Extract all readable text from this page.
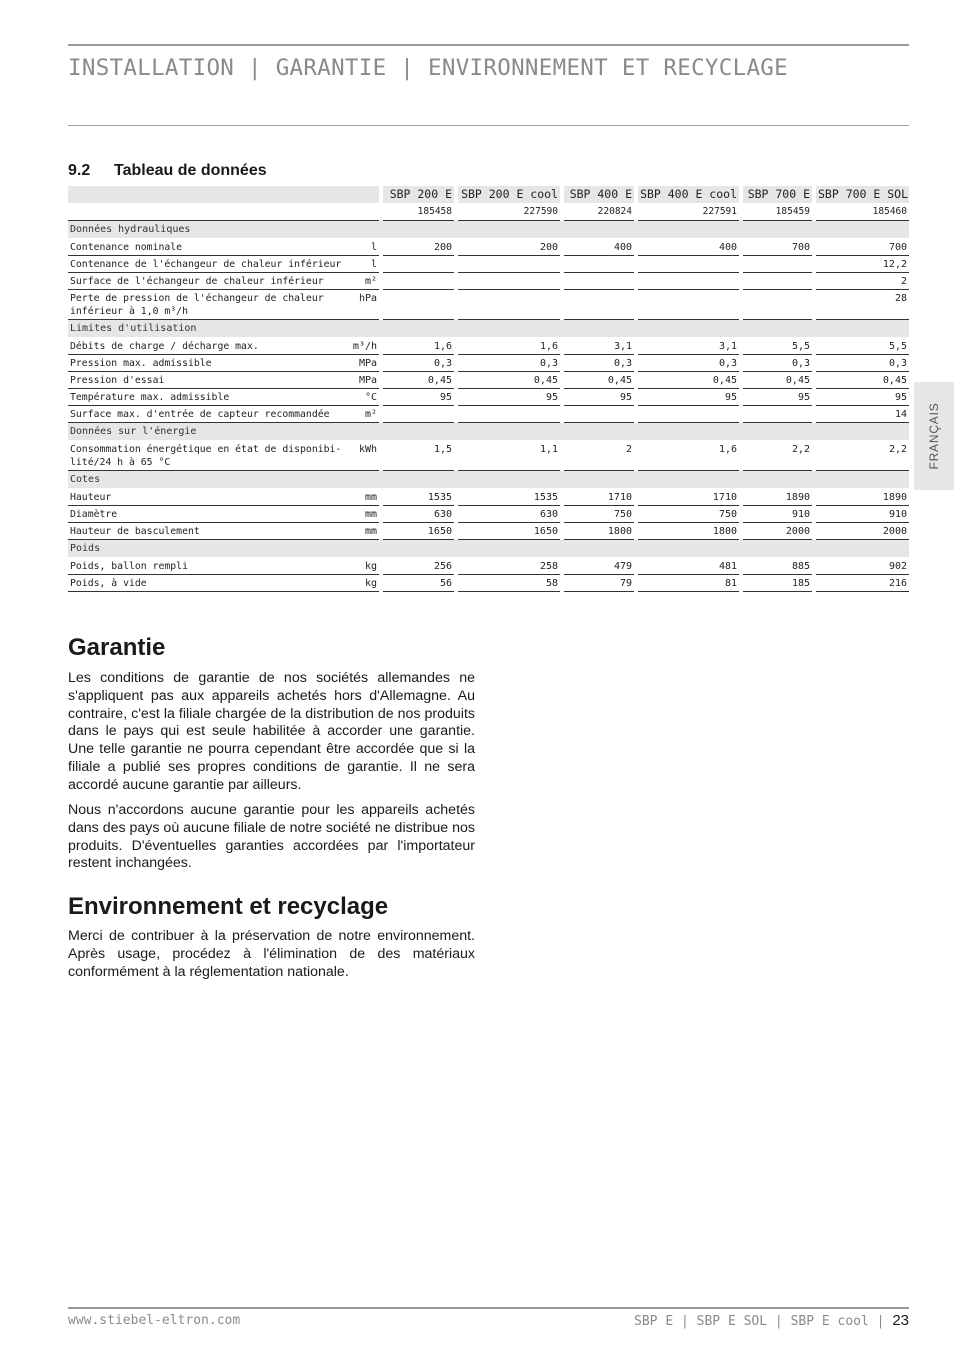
INSTALLATION | GARANTIE | ENVIRONNEMENT ET RECYCLAGE
FRANÇAIS
9.2 Tableau de données
			SBP 200 E		SBP 200 E cool		SBP 400 E		SBP 400 E cool		SBP 700 E		SBP 700 E SOL
			185458		227590		220824		227591		185459		185460
Données hydrauliques													
Contenance nominale	l		200		200		400		400		700		700
Contenance de l'échangeur de chaleur inférieur	l												12,2
Surface de l'échangeur de chaleur inférieur	m²												2
Perte de pression de l'échangeur de chaleur inférieur à 1,0 m³/h	hPa												28
Limites d'utilisation													
Débits de charge / décharge max.	m³/h		1,6		1,6		3,1		3,1		5,5		5,5
Pression max. admissible	MPa		0,3		0,3		0,3		0,3		0,3		0,3
Pression d'essai	MPa		0,45		0,45		0,45		0,45		0,45		0,45
Température max. admissible	°C		95		95		95		95		95		95
Surface max. d'entrée de capteur recommandée	m²												14
Données sur l'énergie													
Consommation énergétique en état de disponibi-lité/24 h à 65 °C	kWh		1,5		1,1		2		1,6		2,2		2,2
Cotes													
Hauteur	mm		1535		1535		1710		1710		1890		1890
Diamètre	mm		630		630		750		750		910		910
Hauteur de basculement	mm		1650		1650		1800		1800		2000		2000
Poids													
Poids, ballon rempli	kg		256		258		479		481		885		902
Poids, à vide	kg		56		58		79		81		185		216
Garantie

Les conditions de garantie de nos sociétés allemandes ne s'appliquent pas aux appareils achetés hors d'Allemagne. Au contraire, c'est la filiale chargée de la distribution de nos produits dans le pays qui est seule habilitée à accorder une garantie. Une telle garantie ne pourra cependant être accordée que si la filiale a publié ses propres conditions de garantie. Il ne sera accordé aucune garantie par ailleurs.

Nous n'accordons aucune garantie pour les appareils achetés dans des pays où aucune filiale de notre société ne distribue nos produits. D'éventuelles garanties accordées par l'importateur restent inchangées.

Environnement et recyclage

Merci de contribuer à la préservation de notre environnement. Après usage, procédez à l'élimination de des matériaux conformément à la réglementation nationale.

www.stiebel-eltron.com	SBP E | SBP E SOL | SBP E cool | 23
